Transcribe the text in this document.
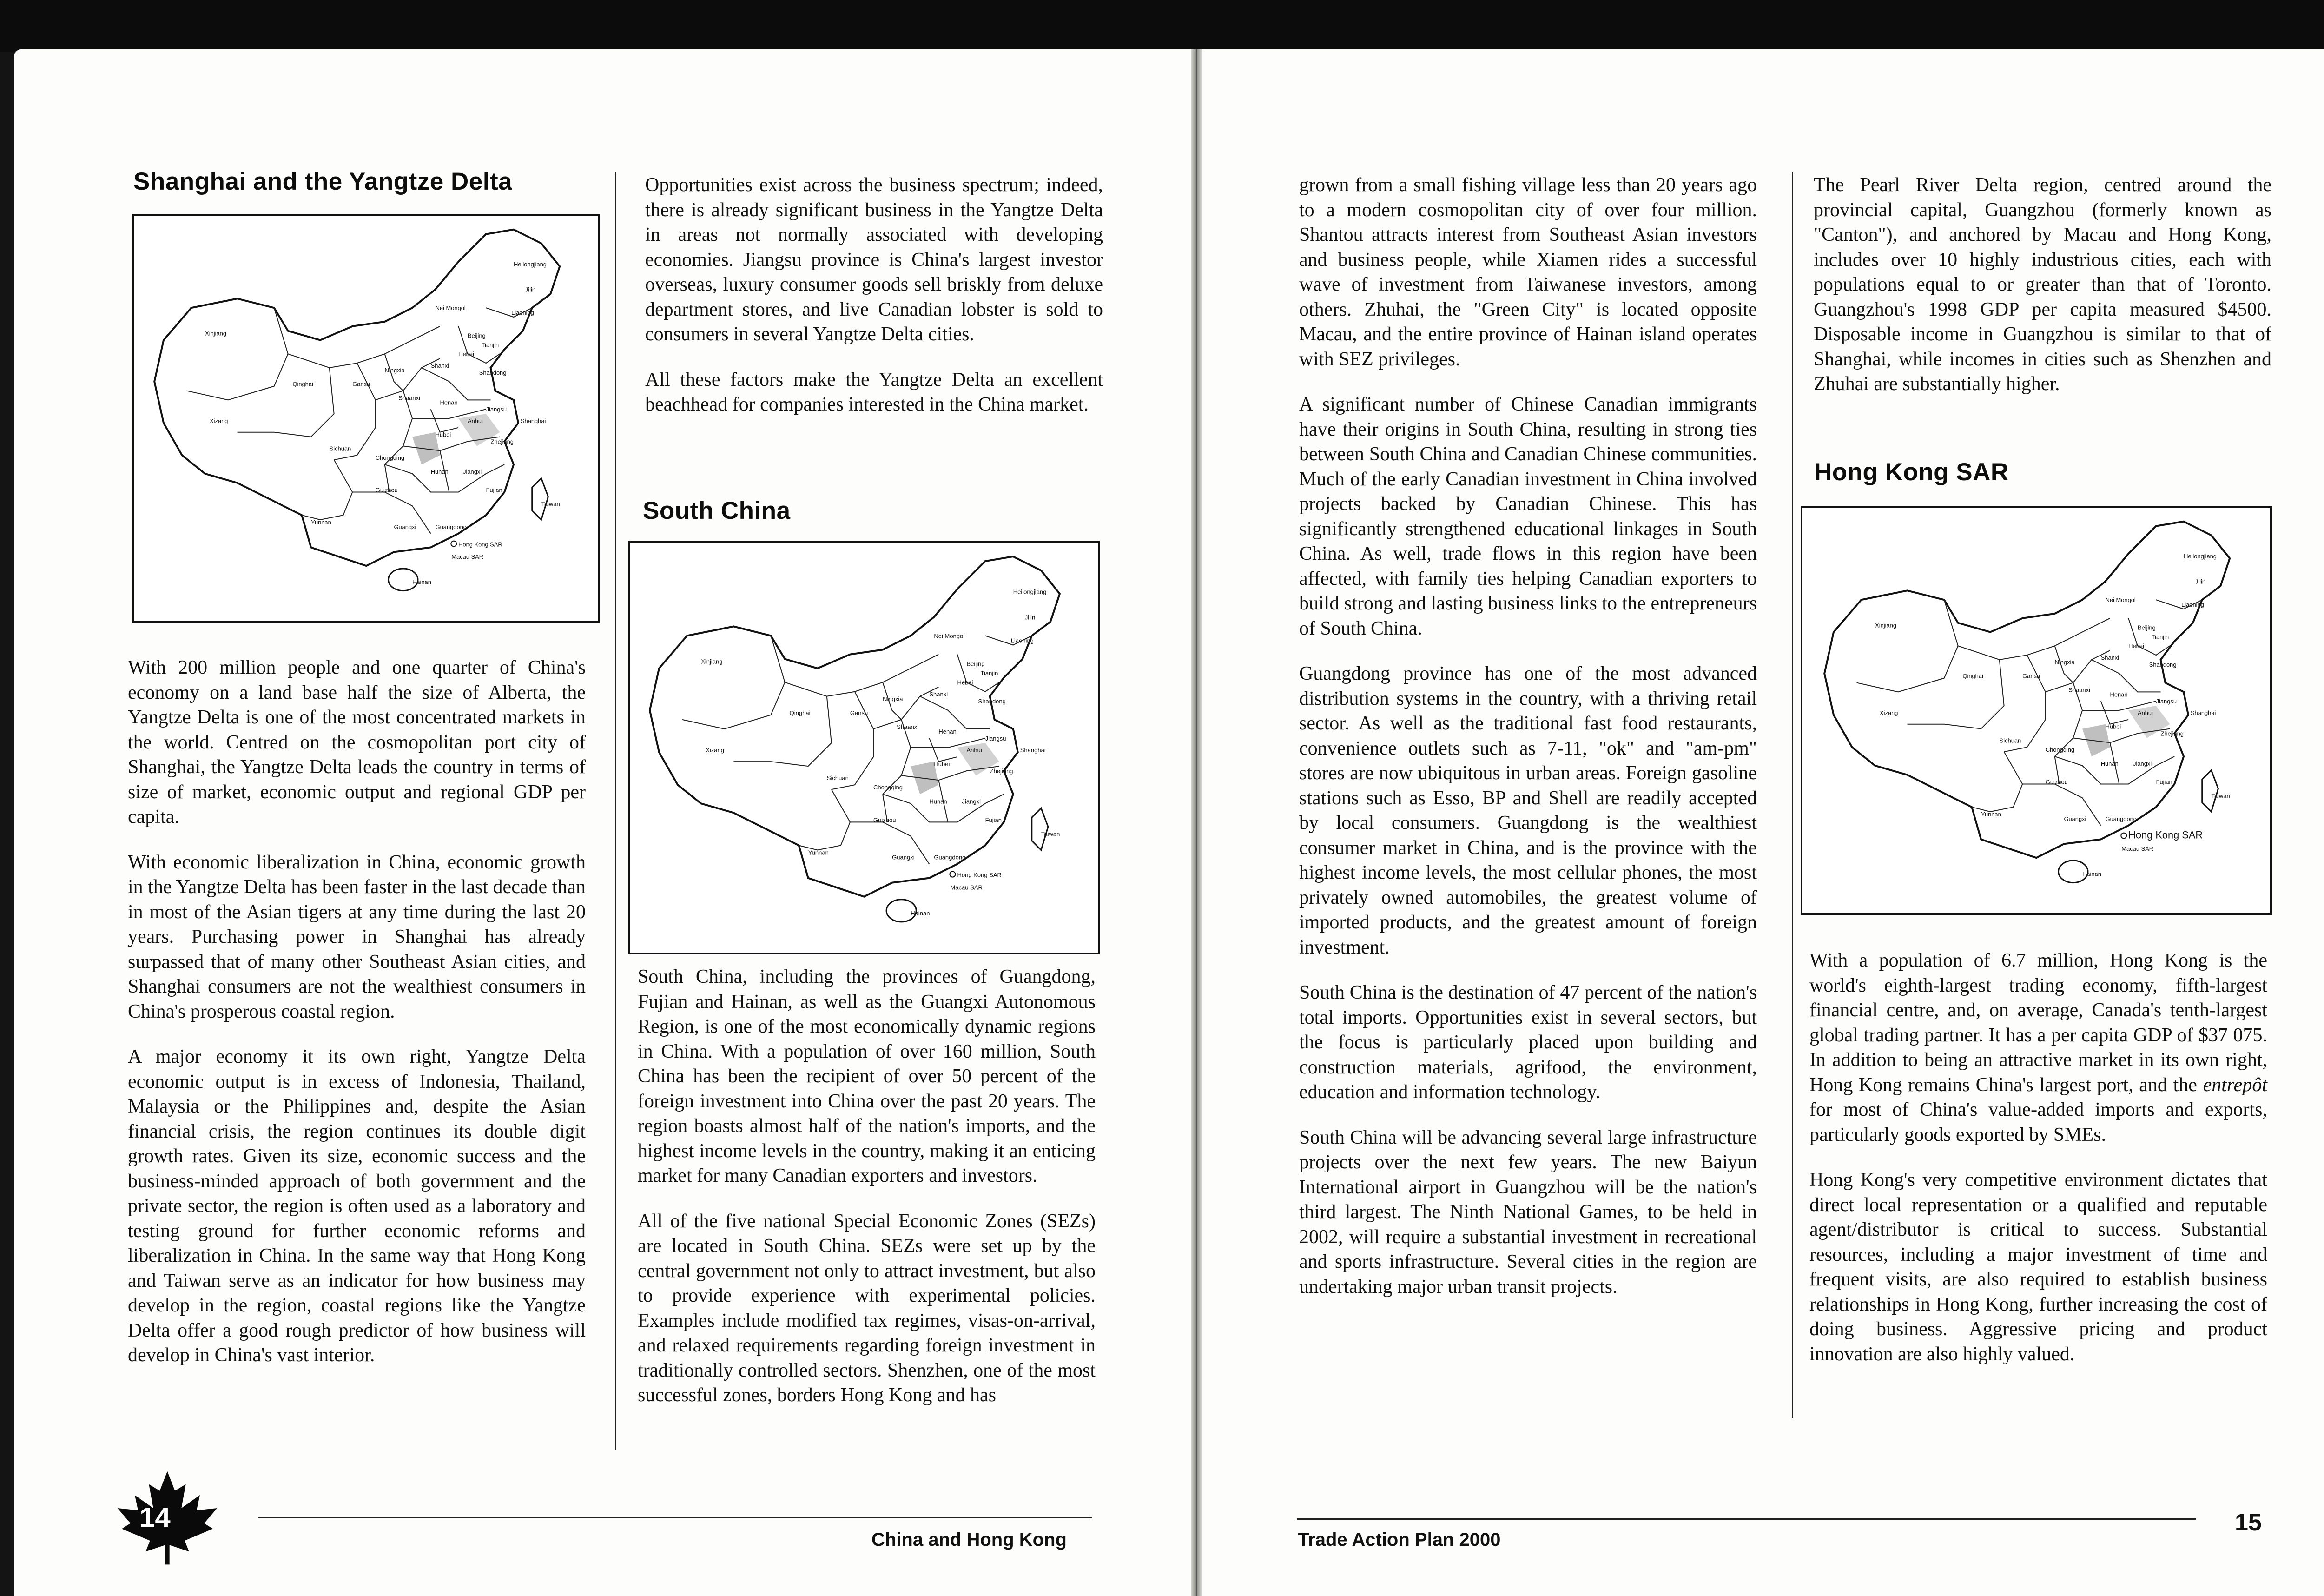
Shanghai and the Yangtze Delta
Heilongjiang
Jilin
Nei Mongol
Liaoning
Xinjiang	Beijing
Tianjin
Hebei
Shanxi
Shandong
Ningxia
Qinghai	Gansu
Shaanxi
Henan
Jiangsu
Shanghai
Anhui
Xizang
Sichuan
Hubei
Zhejiang
Chongqing
Hunan Jiangxi
Guizhou	Fujian
Taiwan
Yunnan
Guangxi	Guangdong
Hong Kong SAR
Macau SAR
Hainan

With 200 million people and one quarter of China's economy on a land base half the size of Alberta, the Yangtze Delta is one of the most concentrated markets in the world. Centred on the cosmopolitan port city of Shanghai, the Yangtze Delta leads the country in terms of size of market, economic output and regional GDP per capita.

With economic liberalization in China, economic growth in the Yangtze Delta has been faster in the last decade than in most of the Asian tigers at any time during the last 20 years. Purchasing power in Shanghai has already surpassed that of many other Southeast Asian cities, and Shanghai consumers are not the wealthiest consumers in China's prosperous coastal region.

A major economy it its own right, Yangtze Delta economic output is in excess of Indonesia, Thailand, Malaysia or the Philippines and, despite the Asian financial crisis, the region continues its double digit growth rates. Given its size, economic success and the business-minded approach of both government and the private sector, the region is often used as a laboratory and testing ground for further economic reforms and liberalization in China. In the same way that Hong Kong and Taiwan serve as an indicator for how business may develop in the region, coastal regions like the Yangtze Delta offer a good rough predictor of how business will develop in China's vast interior.

Opportunities exist across the business spectrum; indeed, there is already significant business in the Yangtze Delta in areas not normally associated with developing economies. Jiangsu province is China's largest investor overseas, luxury consumer goods sell briskly from deluxe department stores, and live Canadian lobster is sold to consumers in several Yangtze Delta cities.

All these factors make the Yangtze Delta an excellent beachhead for companies interested in the China market.

South China
Heilongjiang
Jilin
Nei Mongol
Liaoning
Xinjiang	Beijing
Tianjin
Hebei
Shanxi
Shandong
Ningxia
Qinghai	Gansu
Shaanxi
Henan
Jiangsu
Shanghai
Anhui
Xizang
Sichuan
Hubei
Zhejiang
Chongqing
Hunan Jiangxi
Guizhou	Fujian
Taiwan
Yunnan
Guangxi	Guangdong
Hong Kong SAR
Macau SAR
Hainan

South China, including the provinces of Guangdong, Fujian and Hainan, as well as the Guangxi Autonomous Region, is one of the most economically dynamic regions in China. With a population of over 160 million, South China has been the recipient of over 50 percent of the foreign investment into China over the past 20 years. The region boasts almost half of the nation's imports, and the highest income levels in the country, making it an enticing market for many Canadian exporters and investors.

All of the five national Special Economic Zones (SEZs) are located in South China. SEZs were set up by the central government not only to attract investment, but also to provide experience with experimental policies. Examples include modified tax regimes, visas-on-arrival, and relaxed requirements regarding foreign investment in traditionally controlled sectors. Shenzhen, one of the most successful zones, borders Hong Kong and has

grown from a small fishing village less than 20 years ago to a modern cosmopolitan city of over four million. Shantou attracts interest from Southeast Asian investors and business people, while Xiamen rides a successful wave of investment from Taiwanese investors, among others. Zhuhai, the "Green City" is located opposite Macau, and the entire province of Hainan island operates with SEZ privileges.

A significant number of Chinese Canadian immigrants have their origins in South China, resulting in strong ties between South China and Canadian Chinese communities. Much of the early Canadian investment in China involved projects backed by Canadian Chinese. This has significantly strengthened educational linkages in South China. As well, trade flows in this region have been affected, with family ties helping Canadian exporters to build strong and lasting business links to the entrepreneurs of South China.

Guangdong province has one of the most advanced distribution systems in the country, with a thriving retail sector. As well as the traditional fast food restaurants, convenience outlets such as 7-11, "ok" and "am-pm" stores are now ubiquitous in urban areas. Foreign gasoline stations such as Esso, BP and Shell are readily accepted by local consumers. Guangdong is the wealthiest consumer market in China, and is the province with the highest income levels, the most cellular phones, the most privately owned automobiles, the greatest volume of imported products, and the greatest amount of foreign investment.

South China is the destination of 47 percent of the nation's total imports. Opportunities exist in several sectors, but the focus is particularly placed upon building and construction materials, agrifood, the environment, education and information technology.

South China will be advancing several large infrastructure projects over the next few years. The new Baiyun International airport in Guangzhou will be the nation's third largest. The Ninth National Games, to be held in 2002, will require a substantial investment in recreational and sports infrastructure. Several cities in the region are undertaking major urban transit projects.

The Pearl River Delta region, centred around the provincial capital, Guangzhou (formerly known as "Canton"), and anchored by Macau and Hong Kong, includes over 10 highly industrious cities, each with populations equal to or greater than that of Toronto. Guangzhou's 1998 GDP per capita measured $4500. Disposable income in Guangzhou is similar to that of Shanghai, while incomes in cities such as Shenzhen and Zhuhai are substantially higher.

Hong Kong SAR
Heilongjiang
Jilin
Nei Mongol
Liaoning
Xinjiang	Beijing
Tianjin
Hebei
Shanxi
Shandong
Ningxia
Qinghai	Gansu
Shaanxi
Henan
Jiangsu
Shanghai
Anhui
Xizang
Sichuan
Hubei
Zhejiang
Chongqing
Hunan Jiangxi
Guizhou	Fujian
Taiwan
Yunnan
Guangxi	Guangdong
Hong Kong SAR
Macau SAR
Hainan

With a population of 6.7 million, Hong Kong is the world's eighth-largest trading economy, fifth-largest financial centre, and, on average, Canada's tenth-largest global trading partner. It has a per capita GDP of $37 075. In addition to being an attractive market in its own right, Hong Kong remains China's largest port, and the entrepôt for most of China's value-added imports and exports, particularly goods exported by SMEs.

Hong Kong's very competitive environment dictates that direct local representation or a qualified and reputable agent/distributor is critical to success. Substantial resources, including a major investment of time and frequent visits, are also required to establish business relationships in Hong Kong, further increasing the cost of doing business. Aggressive pricing and product innovation are also highly valued.

14
China and Hong Kong	Trade Action Plan 2000
15
